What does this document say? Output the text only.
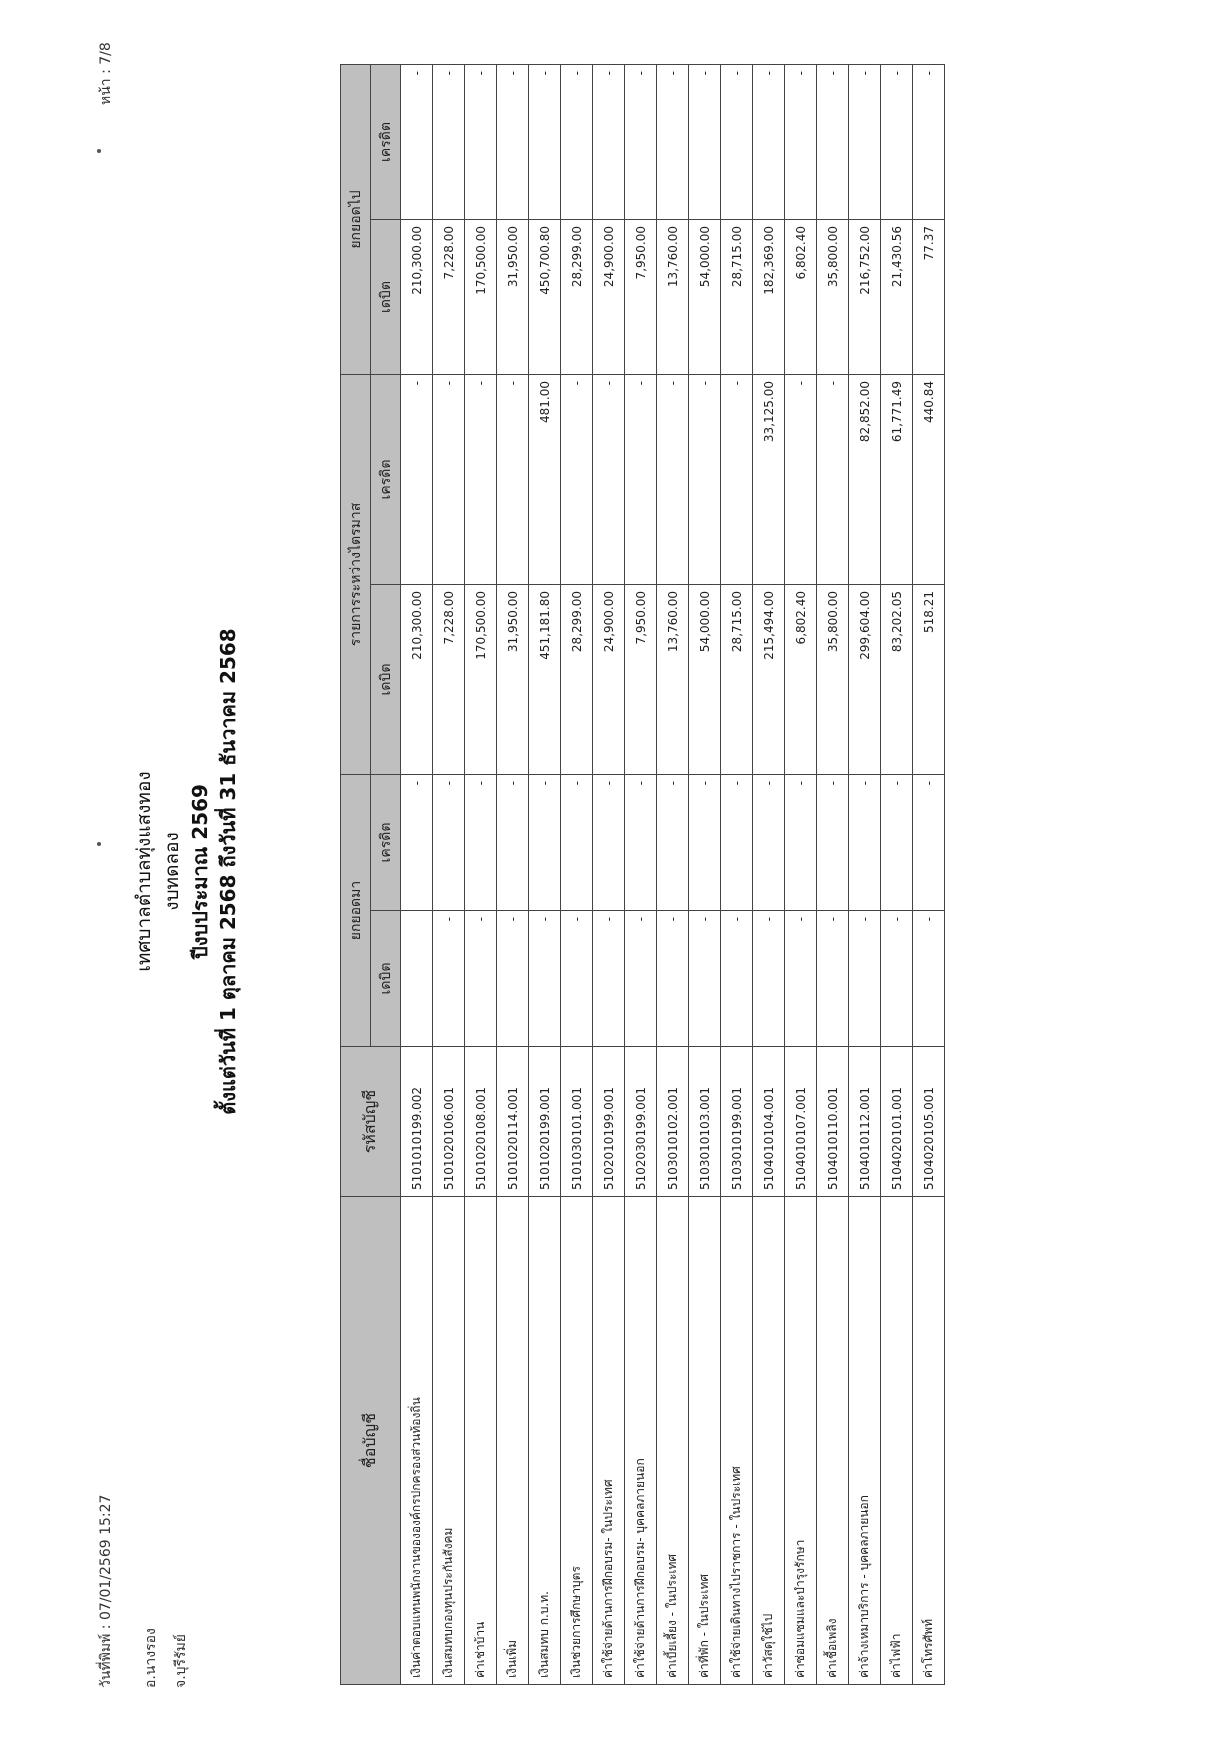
วันที่พิมพ์ : 07/01/2569 15:27 อ.นางรอง จ.บุรีรัมย์
หน้า : 7/8
เทศบาลตำบลทุ่งแสงทอง งบทดลอง ปีงบประมาณ 2569 ตั้งแต่วันที่ 1 ตุลาคม 2568 ถึงวันที่ 31 ธันวาคม 2568
ชื่อบัญชี	รหัสบัญชี	ยกยอดมา		รายการระหว่างไตรมาส		ยกยอดไป	
		เดบิต	เครดิต	เดบิต	เครดิต	เดบิต	เครดิต
เงินค่าตอบแทนพนักงานขององค์กรปกครองส่วนท้องถิ่น	5101010199.002		-	210,300.00	-	210,300.00	-
เงินสมทบกองทุนประกันสังคม	5101020106.001	-	-	7,228.00	-	7,228.00	-
ค่าเช่าบ้าน	5101020108.001	-	-	170,500.00	-	170,500.00	-
เงินเพิ่ม	5101020114.001	-	-	31,950.00	-	31,950.00	-
เงินสมทบ ก.บ.ท.	5101020199.001	-	-	451,181.80	481.00	450,700.80	-
เงินช่วยการศึกษาบุตร	5101030101.001	-	-	28,299.00	-	28,299.00	-
ค่าใช้จ่ายด้านการฝึกอบรม- ในประเทศ	5102010199.001	-	-	24,900.00	-	24,900.00	-
ค่าใช้จ่ายด้านการฝึกอบรม- บุคคลภายนอก	5102030199.001	-	-	7,950.00	-	7,950.00	-
ค่าเบี้ยเลี้ยง - ในประเทศ	5103010102.001	-	-	13,760.00	-	13,760.00	-
ค่าที่พัก - ในประเทศ	5103010103.001	-	-	54,000.00	-	54,000.00	-
ค่าใช้จ่ายเดินทางไปราชการ - ในประเทศ	5103010199.001	-	-	28,715.00	-	28,715.00	-
ค่าวัสดุใช้ไป	5104010104.001	-	-	215,494.00	33,125.00	182,369.00	-
ค่าซ่อมแซมและบำรุงรักษา	5104010107.001	-	-	6,802.40	-	6,802.40	-
ค่าเชื้อเพลิง	5104010110.001	-	-	35,800.00	-	35,800.00	-
ค่าจ้างเหมาบริการ - บุคคลภายนอก	5104010112.001	-	-	299,604.00	82,852.00	216,752.00	-
ค่าไฟฟ้า	5104020101.001	-	-	83,202.05	61,771.49	21,430.56	-
ค่าโทรศัพท์	5104020105.001	-	-	518.21	440.84	77.37	-
